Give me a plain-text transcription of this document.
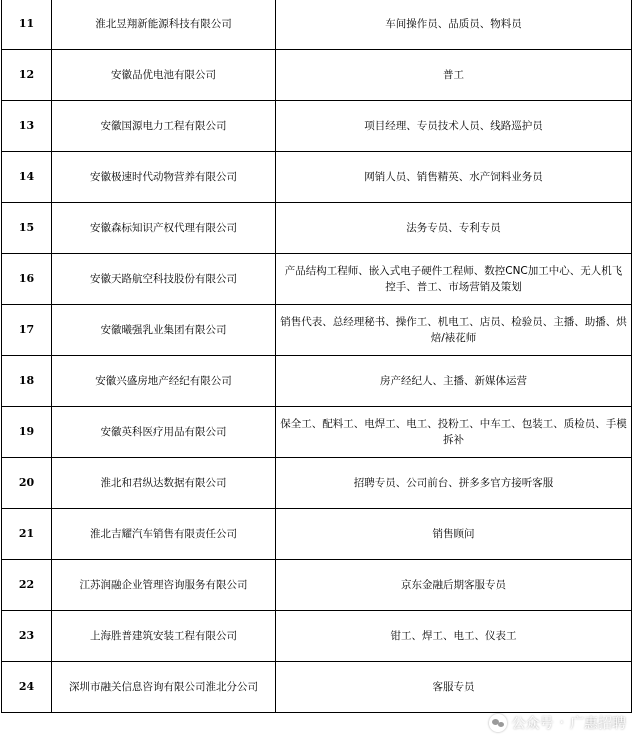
11	淮北昱翔新能源科技有限公司	车间操作员、品质员、物料员
12	安徽品优电池有限公司	普工
13	安徽国源电力工程有限公司	项目经理、专员技术人员、线路巡护员
14	安徽极速时代动物营养有限公司	网销人员、销售精英、水产饲料业务员
15	安徽森标知识产权代理有限公司	法务专员、专利专员
16	安徽天路航空科技股份有限公司	产品结构工程师、嵌入式电子硬件工程师、数控CNC加工中心、无人机飞控手、普工、市场营销及策划
17	安徽曦强乳业集团有限公司	销售代表、总经理秘书、操作工、机电工、店员、检验员、主播、助播、烘焙/裱花师
18	安徽兴盛房地产经纪有限公司	房产经纪人、主播、新媒体运营
19	安徽英科医疗用品有限公司	保全工、配料工、电焊工、电工、投粉工、中车工、包装工、质检员、手模拆补
20	淮北和君纵达数据有限公司	招聘专员、公司前台、拼多多官方接听客服
21	淮北吉耀汽车销售有限责任公司	销售顾问
22	江苏润融企业管理咨询服务有限公司	京东金融后期客服专员
23	上海胜普建筑安装工程有限公司	钳工、焊工、电工、仪表工
24	深圳市融关信息咨询有限公司淮北分公司	客服专员
公众号 · 广惠招聘
